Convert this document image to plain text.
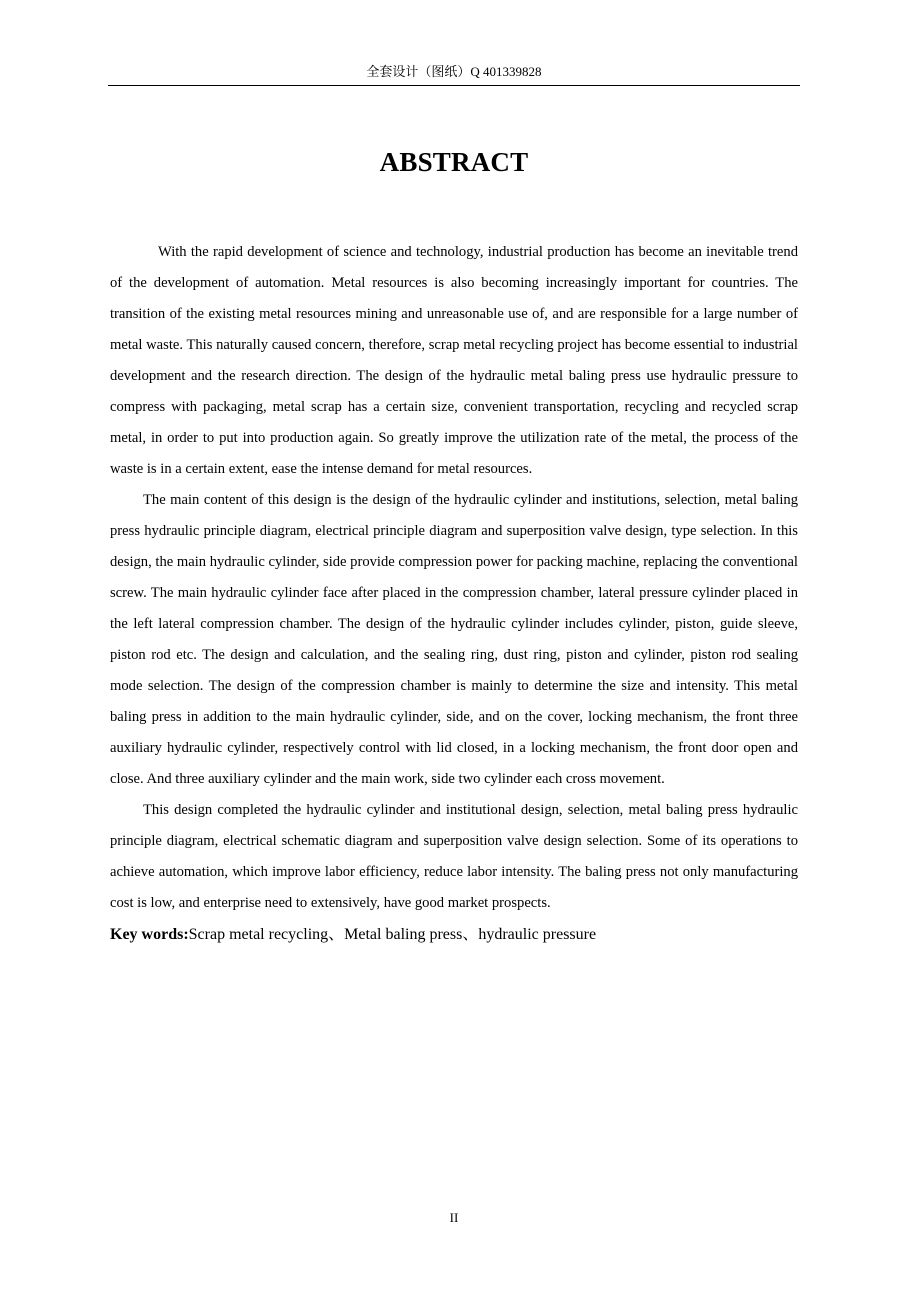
全套设计（图纸）Q 401339828
ABSTRACT

With the rapid development of science and technology, industrial production has become an inevitable trend of the development of automation. Metal resources is also becoming increasingly important for countries. The transition of the existing metal resources mining and unreasonable use of, and are responsible for a large number of metal waste. This naturally caused concern, therefore, scrap metal recycling project has become essential to industrial development and the research direction. The design of the hydraulic metal baling press use hydraulic pressure to compress with packaging, metal scrap has a certain size, convenient transportation, recycling and recycled scrap metal, in order to put into production again. So greatly improve the utilization rate of the metal, the process of the waste is in a certain extent, ease the intense demand for metal resources.

The main content of this design is the design of the hydraulic cylinder and institutions, selection, metal baling press hydraulic principle diagram, electrical principle diagram and superposition valve design, type selection. In this design, the main hydraulic cylinder, side provide compression power for packing machine, replacing the conventional screw. The main hydraulic cylinder face after placed in the compression chamber, lateral pressure cylinder placed in the left lateral compression chamber. The design of the hydraulic cylinder includes cylinder, piston, guide sleeve, piston rod etc. The design and calculation, and the sealing ring, dust ring, piston and cylinder, piston rod sealing mode selection. The design of the compression chamber is mainly to determine the size and intensity. This metal baling press in addition to the main hydraulic cylinder, side, and on the cover, locking mechanism, the front three auxiliary hydraulic cylinder, respectively control with lid closed, in a locking mechanism, the front door open and close. And three auxiliary cylinder and the main work, side two cylinder each cross movement.

This design completed the hydraulic cylinder and institutional design, selection, metal baling press hydraulic principle diagram, electrical schematic diagram and superposition valve design selection. Some of its operations to achieve automation, which improve labor efficiency, reduce labor intensity. The baling press not only manufacturing cost is low, and enterprise need to extensively, have good market prospects.

Key words:Scrap metal recycling、Metal baling press、hydraulic pressure

II
